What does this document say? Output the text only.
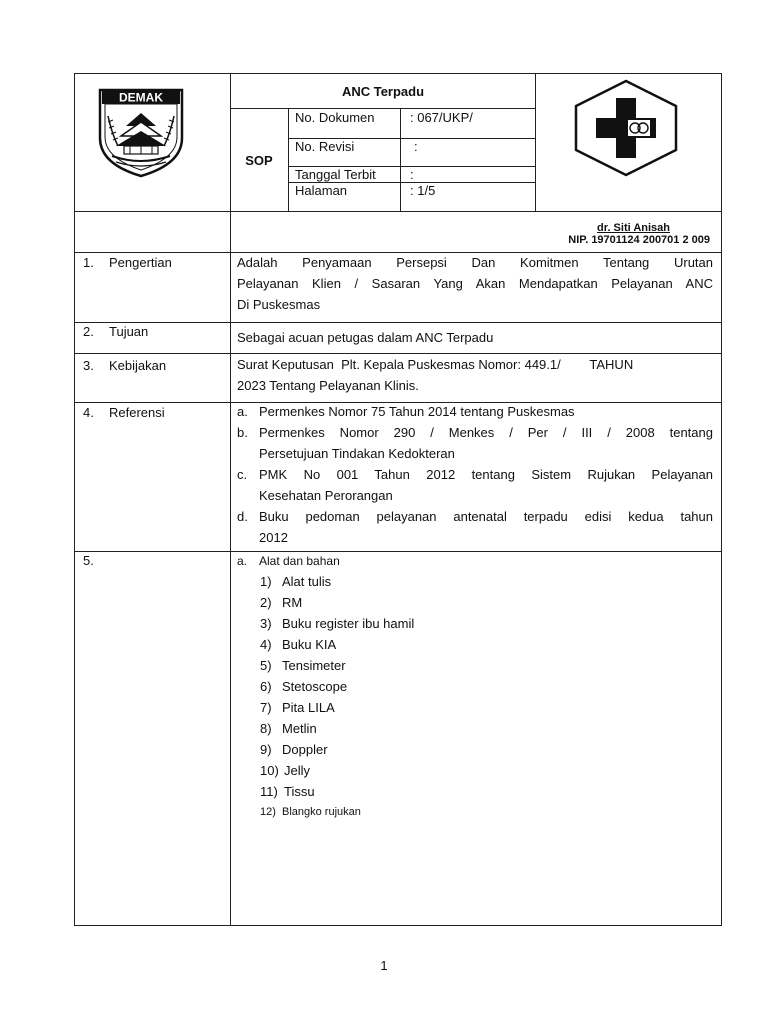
DEMAK	ANC Terpadu
SOP
No. Dokumen	: 067/UKP/
No. Revisi	:
Tanggal Terbit	:
Halaman	: 1/5
dr. Siti Anisah
NIP. 19701124 200701 2 009
1. Pengertian	Adalah Penyamaan Persepsi Dan Komitmen Tentang Urutan
Pelayanan Klien / Sasaran Yang Akan Mendapatkan Pelayanan ANC
Di Puskesmas
2. Tujuan	Sebagai acuan petugas dalam ANC Terpadu
3. Kebijakan	Surat Keputusan  Plt. Kepala Puskesmas Nomor: 449.1/        TAHUN
2023 Tentang Pelayanan Klinis.
4. Referensi	a. Permenkes Nomor 75 Tahun 2014 tentang Puskesmas
b. Permenkes Nomor 290 / Menkes / Per / III / 2008 tentang
Persetujuan Tindakan Kedokteran
c. PMK No 001 Tahun 2012 tentang Sistem Rujukan Pelayanan
Kesehatan Perorangan
d. Buku pedoman pelayanan antenatal terpadu edisi kedua tahun
2012
5.	a. Alat dan bahan
1) Alat tulis
2) RM
3) Buku register ibu hamil
4) Buku KIA
5) Tensimeter
6) Stetoscope
7) Pita LILA
8) Metlin
9) Doppler
10) Jelly
11) Tissu
12) Blangko rujukan
1
